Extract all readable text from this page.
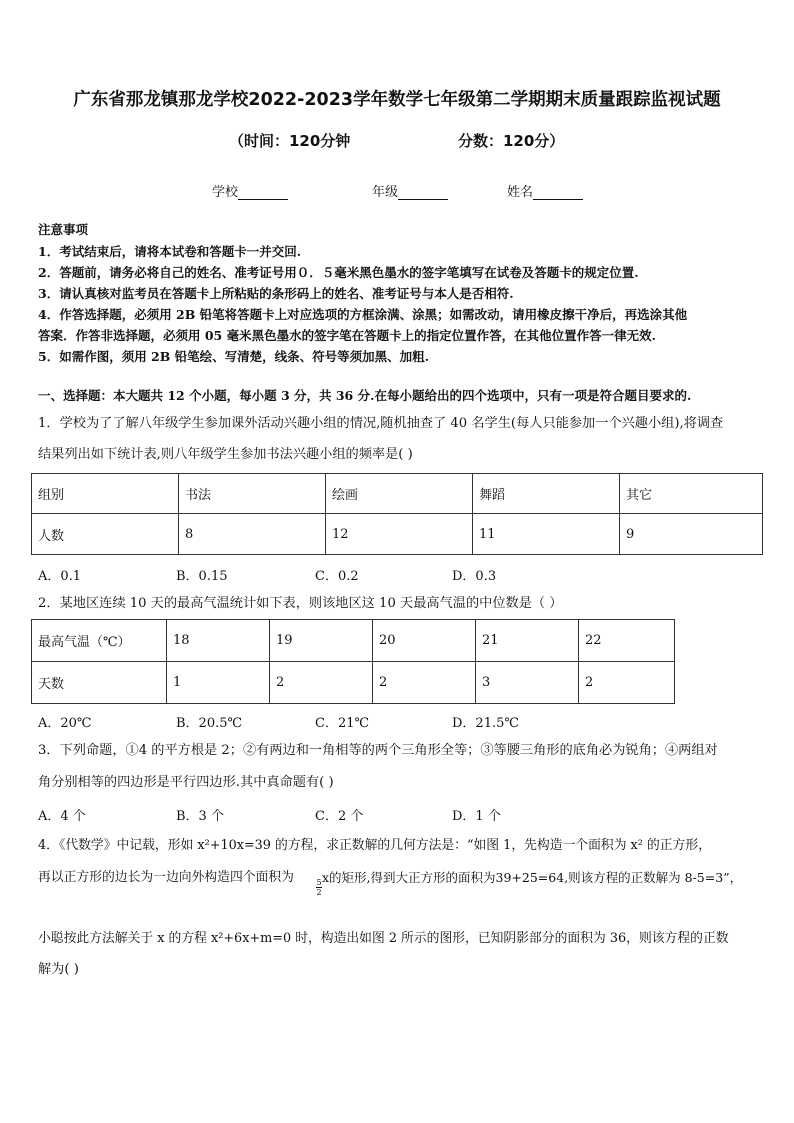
广东省那龙镇那龙学校2022-2023学年数学七年级第二学期期末质量跟踪监视试题
（时间：120分钟	分数：120分）
学校	年级	姓名
注意事项
1．考试结束后，请将本试卷和答题卡一并交回.
2．答题前，请务必将自己的姓名、准考证号用０．５毫米黑色墨水的签字笔填写在试卷及答题卡的规定位置.
3．请认真核对监考员在答题卡上所粘贴的条形码上的姓名、准考证号与本人是否相符.
4．作答选择题，必须用 2B 铅笔将答题卡上对应选项的方框涂满、涂黑；如需改动，请用橡皮擦干净后，再选涂其他
答案．作答非选择题，必须用 05 毫米黑色墨水的签字笔在答题卡上的指定位置作答，在其他位置作答一律无效.
5．如需作图，须用 2B 铅笔绘、写清楚，线条、符号等须加黑、加粗.
一、选择题：本大题共 12 个小题，每小题 3 分，共 36 分.在每小题给出的四个选项中，只有一项是符合题目要求的.
1．学校为了了解八年级学生参加课外活动兴趣小组的情况,随机抽查了 40 名学生(每人只能参加一个兴趣小组),将调查
结果列出如下统计表,则八年级学生参加书法兴趣小组的频率是( )
组别	书法	绘画	舞蹈	其它
人数	8	12	11	9
A．0.1	B．0.15	C．0.2	D．0.3
2．某地区连续 10 天的最高气温统计如下表，则该地区这 10 天最高气温的中位数是（ ）
最高气温（℃）	18	19	20	21	22
天数	1	2	2	3	2
A．20℃	B．20.5℃	C．21℃	D．21.5℃
3．下列命题，①4 的平方根是 2；②有两边和一角相等的两个三角形全等；③等腰三角形的底角必为锐角；④两组对
角分别相等的四边形是平行四边形.其中真命题有( )
A．4 个	B．3 个	C．2 个	D．1 个
4．《代数学》中记载，形如 x²+10x=39 的方程，求正数解的几何方法是：“如图 1，先构造一个面积为 x² 的正方形，
再以正方形的边长为一边向外构造四个面积为	5
2
x的矩形,得到大正方形的面积为39+25=64,则该方程的正数解为 8-5=3”，
小聪按此方法解关于 x 的方程 x²+6x+m=0 时，构造出如图 2 所示的图形，已知阴影部分的面积为 36，则该方程的正数
解为( )
